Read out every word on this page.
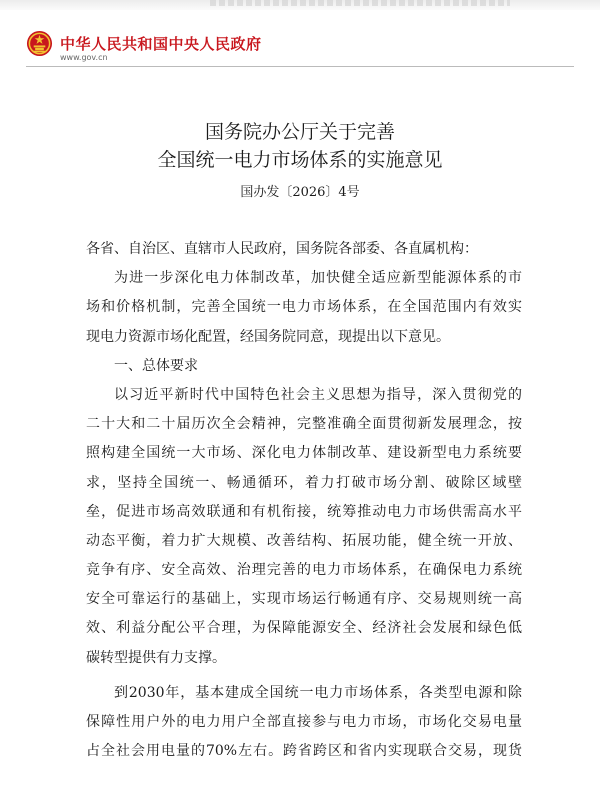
中华人民共和国中央人民政府
www.gov.cn
国务院办公厅关于完善
全国统一电力市场体系的实施意见
国办发〔2026〕4号
各省、自治区、直辖市人民政府，国务院各部委、各直属机构：
为进一步深化电力体制改革，加快健全适应新型能源体系的市
场和价格机制，完善全国统一电力市场体系，在全国范围内有效实
现电力资源市场化配置，经国务院同意，现提出以下意见。
一、总体要求
以习近平新时代中国特色社会主义思想为指导，深入贯彻党的
二十大和二十届历次全会精神，完整准确全面贯彻新发展理念，按
照构建全国统一大市场、深化电力体制改革、建设新型电力系统要
求，坚持全国统一、畅通循环，着力打破市场分割、破除区域壁
垒，促进市场高效联通和有机衔接，统筹推动电力市场供需高水平
动态平衡，着力扩大规模、改善结构、拓展功能，健全统一开放、
竞争有序、安全高效、治理完善的电力市场体系，在确保电力系统
安全可靠运行的基础上，实现市场运行畅通有序、交易规则统一高
效、利益分配公平合理，为保障能源安全、经济社会发展和绿色低
碳转型提供有力支撑。
到2030年，基本建成全国统一电力市场体系，各类型电源和除
保障性用户外的电力用户全部直接参与电力市场，市场化交易电量
占全社会用电量的70%左右。跨省跨区和省内实现联合交易，现货
